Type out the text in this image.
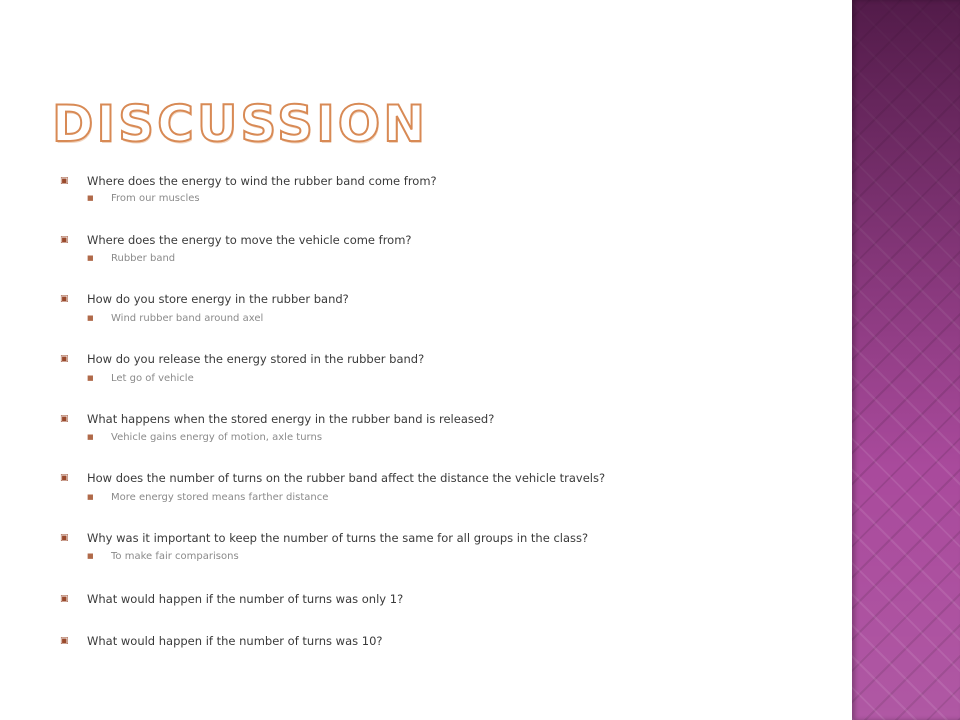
DISCUSSION
▣ Where does the energy to wind the rubber band come from?
■ From our muscles
▣ Where does the energy to move the vehicle come from?
■ Rubber band
▣ How do you store energy in the rubber band?
■ Wind rubber band around axel
▣ How do you release the energy stored in the rubber band?
■ Let go of vehicle
▣ What happens when the stored energy in the rubber band is released?
■ Vehicle gains energy of motion, axle turns
▣ How does the number of turns on the rubber band affect the distance the vehicle travels?
■ More energy stored means farther distance
▣ Why was it important to keep the number of turns the same for all groups in the class?
■ To make fair comparisons
▣ What would happen if the number of turns was only 1?
▣ What would happen if the number of turns was 10?
